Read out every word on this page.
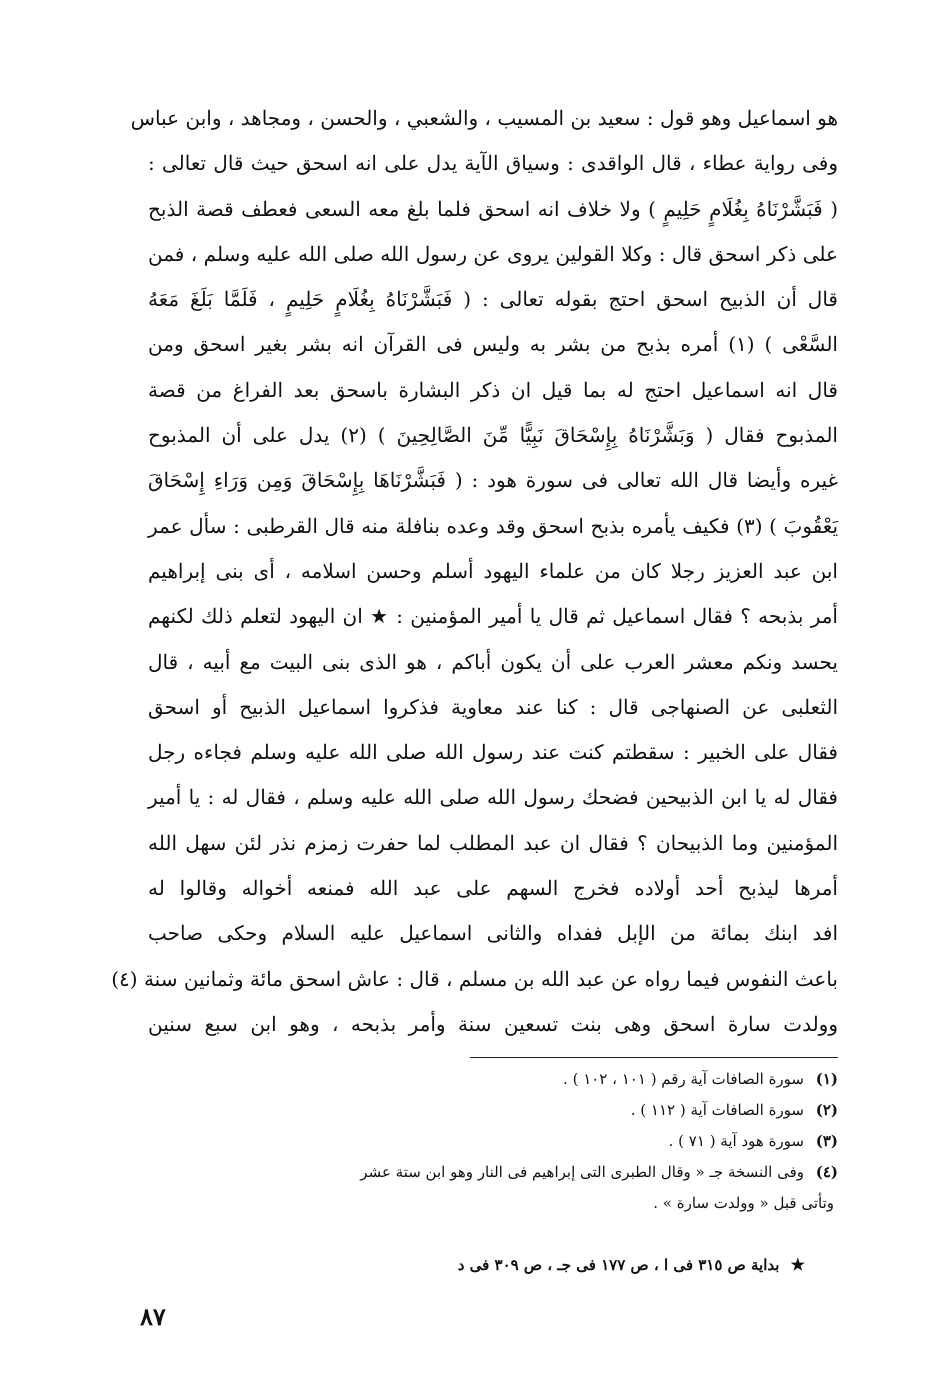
هو اسماعيل وهو قول : سعيد بن المسيب ، والشعبي ، والحسن ، ومجاهد ، وابن عباس
وفى رواية عطاء ، قال الواقدى : وسياق الآية يدل على انه اسحق حيث قال تعالى :
( فَبَشَّرْنَاهُ بِغُلَامٍ حَلِيمٍ ) ولا خلاف انه اسحق فلما بلغ معه السعى فعطف قصة الذبح
على ذكر اسحق قال : وكلا القولين يروى عن رسول الله صلى الله عليه وسلم ، فمن
قال أن الذبيح اسحق احتج بقوله تعالى : ( فَبَشَّرْنَاهُ بِغُلَامٍ حَلِيمٍ ، فَلَمَّا بَلَغَ مَعَهُ
السَّعْى ) (١) أمره بذبح من بشر به وليس فى القرآن انه بشر بغير اسحق ومن
قال انه اسماعيل احتج له بما قيل ان ذكر البشارة باسحق بعد الفراغ من قصة
المذبوح فقال ( وَبَشَّرْنَاهُ بِإِسْحَاقَ نَبِيًّا مِّنَ الصَّالِحِينَ ) (٢) يدل على أن المذبوح
غيره وأيضا قال الله تعالى فى سورة هود : ( فَبَشَّرْنَاهَا بِإِسْحَاقَ وَمِن وَرَاءِ إِسْحَاقَ
يَعْقُوبَ ) (٣) فكيف يأمره بذبح اسحق وقد وعده بنافلة منه قال القرطبى : سأل عمر
ابن عبد العزيز رجلا كان من علماء اليهود أسلم وحسن اسلامه ، أى بنى إبراهيم
أمر بذبحه ؟ فقال اسماعيل ثم قال يا أمير المؤمنين : ★ ان اليهود لتعلم ذلك لكنهم
يحسد ونكم معشر العرب على أن يكون أباكم ، هو الذى بنى البيت مع أبيه ، قال
الثعلبى عن الصنهاجى قال : كنا عند معاوية فذكروا اسماعيل الذبيح أو اسحق
فقال على الخبير : سقطتم كنت عند رسول الله صلى الله عليه وسلم فجاءه رجل
فقال له يا ابن الذبيحين فضحك رسول الله صلى الله عليه وسلم ، فقال له : يا أمير
المؤمنين وما الذبيحان ؟ فقال ان عبد المطلب لما حفرت زمزم نذر لئن سهل الله
أمرها ليذبح أحد أولاده فخرج السهم على عبد الله فمنعه أخواله وقالوا له
افد ابنك بمائة من الإبل ففداه والثانى اسماعيل عليه السلام وحكى صاحب
باعث النفوس فيما رواه عن عبد الله بن مسلم ، قال : عاش اسحق مائة وثمانين سنة (٤)
وولدت سارة اسحق وهى بنت تسعين سنة وأمر بذبحه ، وهو ابن سبع سنين
(١)سورة الصافات آية رقم ( ١٠١ ، ١٠٢ ) .
(٢)سورة الصافات آية ( ١١٢ ) .
(٣)سورة هود آية ( ٧١ ) .
(٤)وفى النسخة جـ « وقال الطبرى التى إبراهيم فى النار وهو ابن ستة عشر
وتأتى قبل « وولدت سارة » .
★ بداية ص ٣١٥ فى ا ، ص ١٧٧ فى جـ ، ص ٣٠٩ فى د
٨٧
